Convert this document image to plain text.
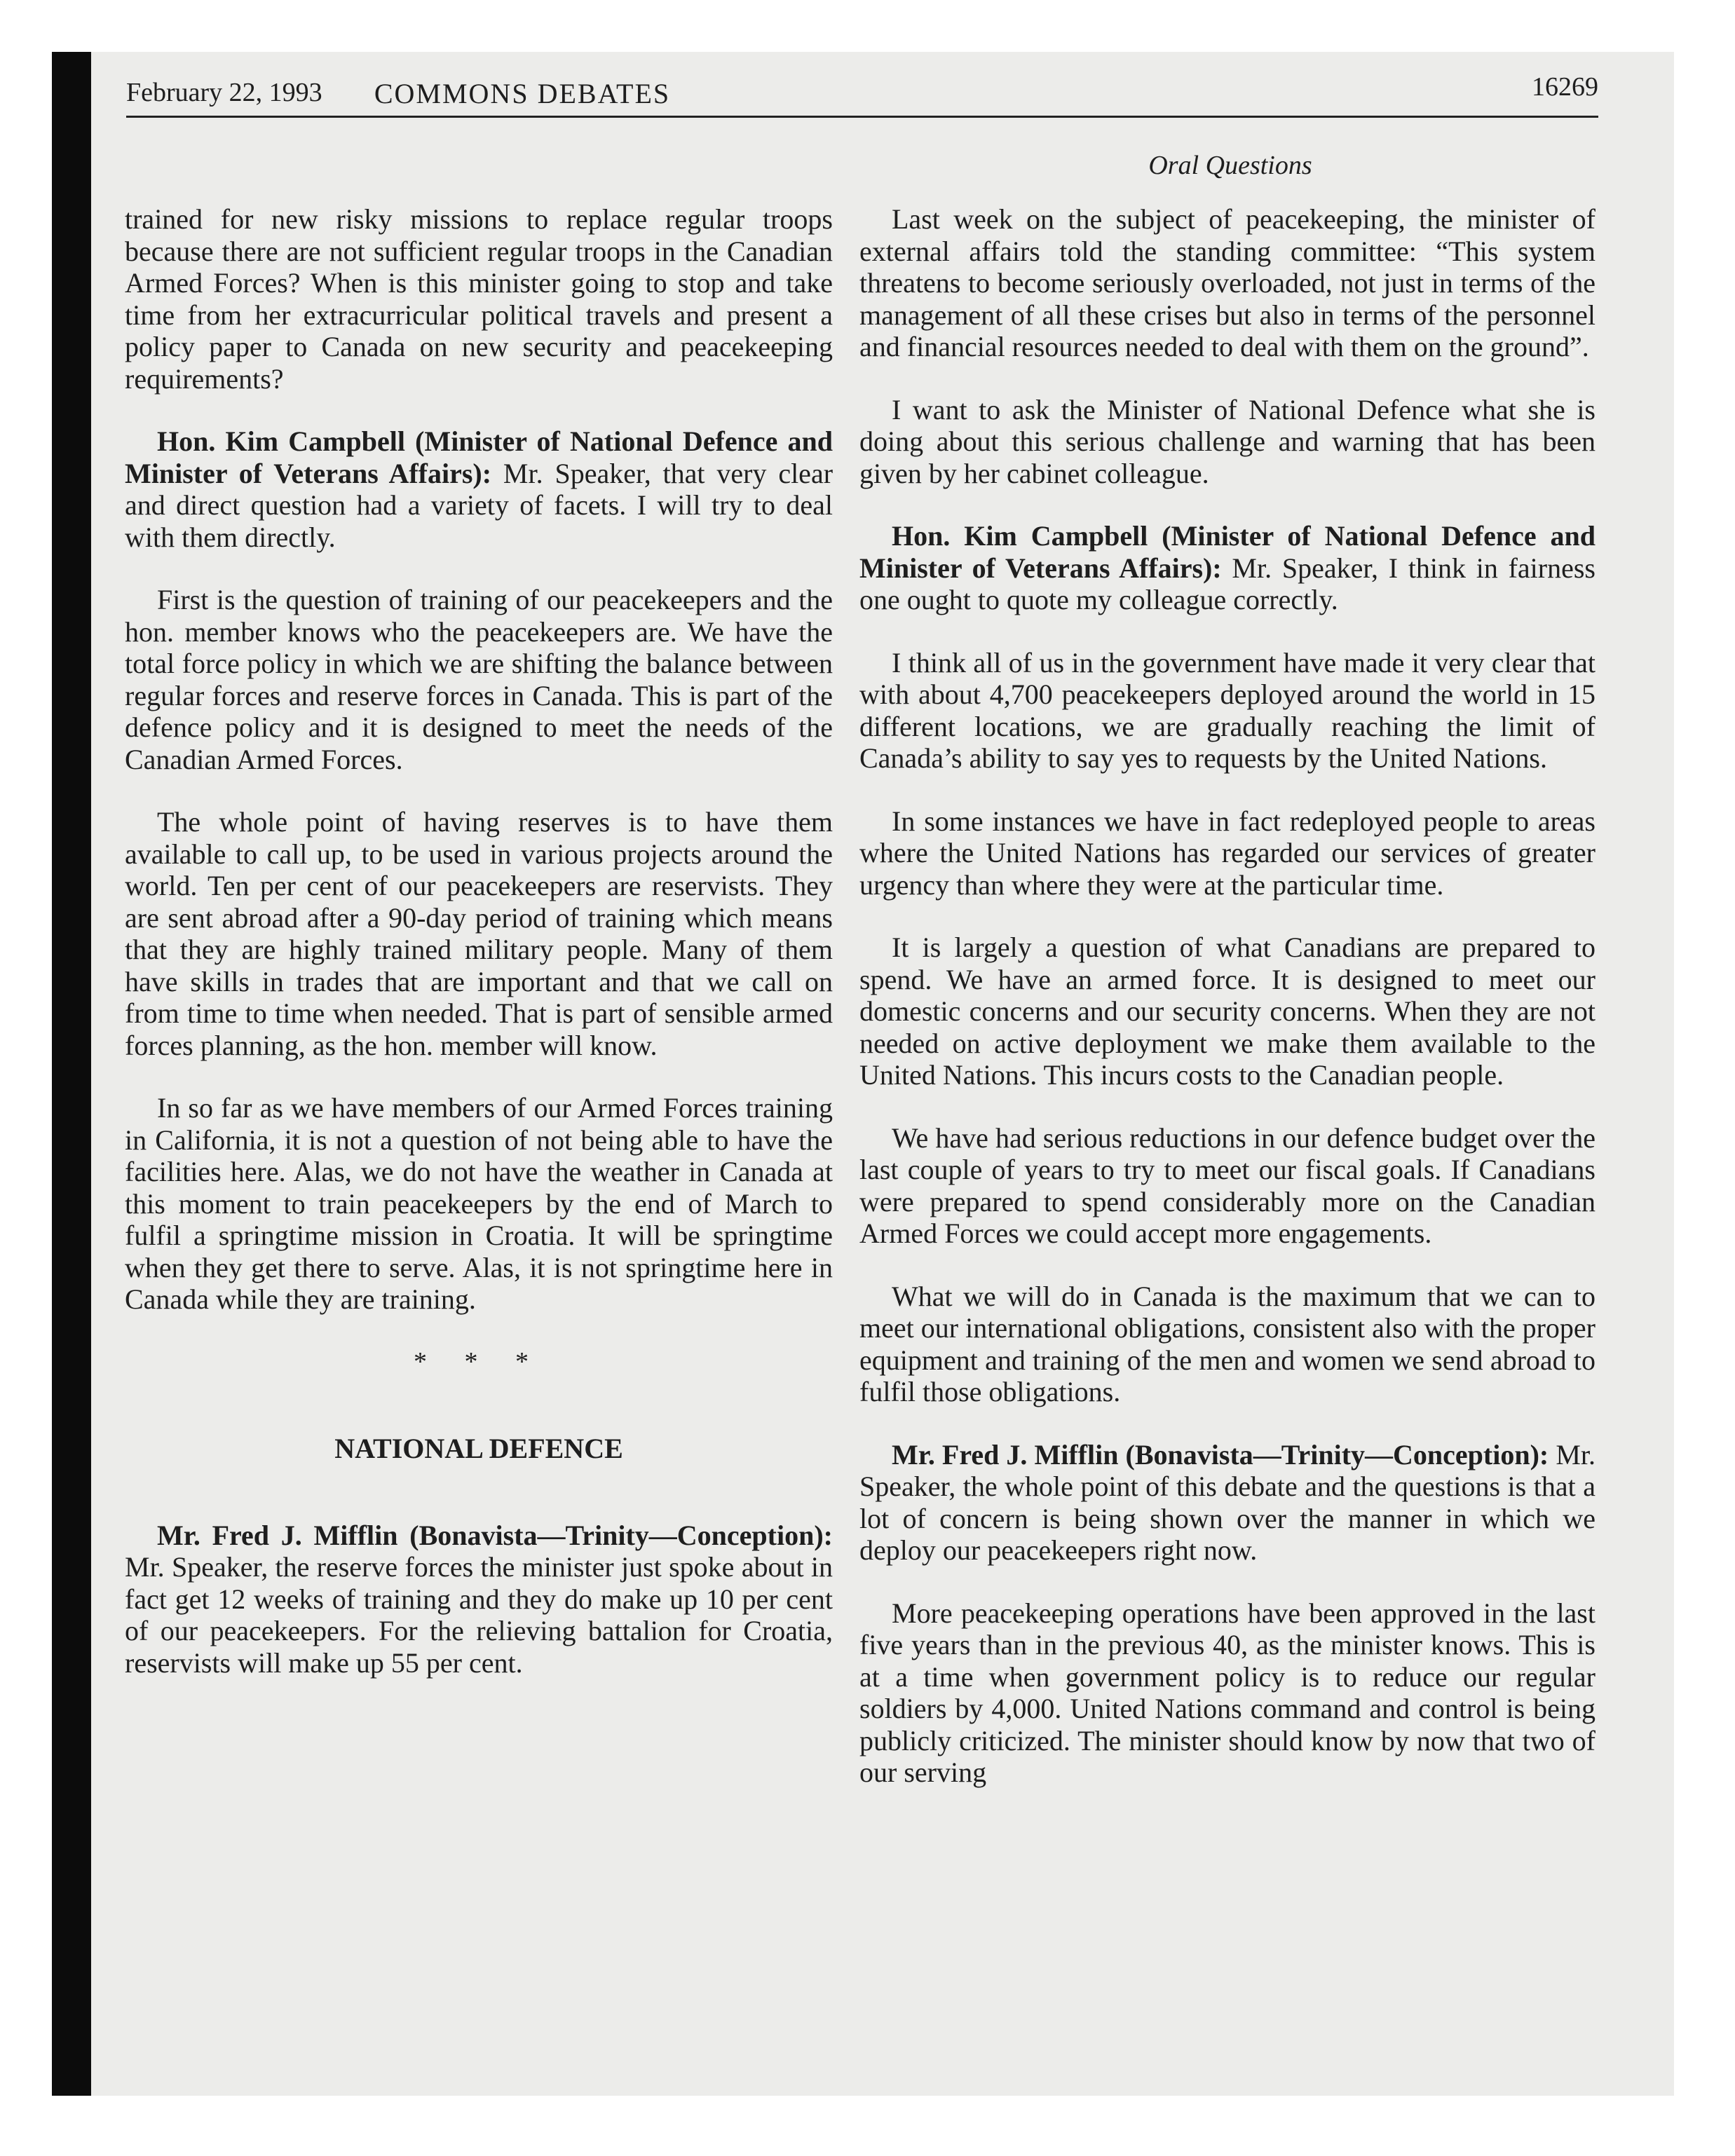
February 22, 1993	COMMONS DEBATES	16269
Oral Questions

trained for new risky missions to replace regular troops because there are not sufficient regular troops in the Canadian Armed Forces? When is this minister going to stop and take time from her extracurricular political travels and present a policy paper to Canada on new security and peacekeeping requirements?

Hon. Kim Campbell (Minister of National Defence and Minister of Veterans Affairs): Mr. Speaker, that very clear and direct question had a variety of facets. I will try to deal with them directly.

First is the question of training of our peacekeepers and the hon. member knows who the peacekeepers are. We have the total force policy in which we are shifting the balance between regular forces and reserve forces in Canada. This is part of the defence policy and it is designed to meet the needs of the Canadian Armed Forces.

The whole point of having reserves is to have them available to call up, to be used in various projects around the world. Ten per cent of our peacekeepers are reservists. They are sent abroad after a 90-day period of training which means that they are highly trained military people. Many of them have skills in trades that are important and that we call on from time to time when needed. That is part of sensible armed forces planning, as the hon. member will know.

In so far as we have members of our Armed Forces training in California, it is not a question of not being able to have the facilities here. Alas, we do not have the weather in Canada at this moment to train peacekeepers by the end of March to fulfil a springtime mission in Croatia. It will be springtime when they get there to serve. Alas, it is not springtime here in Canada while they are training.

* * *
NATIONAL DEFENCE

Mr. Fred J. Mifflin (Bonavista—Trinity—Conception): Mr. Speaker, the reserve forces the minister just spoke about in fact get 12 weeks of training and they do make up 10 per cent of our peacekeepers. For the relieving battalion for Croatia, reservists will make up 55 per cent.

Last week on the subject of peacekeeping, the minister of external affairs told the standing committee: “This system threatens to become seriously overloaded, not just in terms of the management of all these crises but also in terms of the personnel and financial resources needed to deal with them on the ground”.

I want to ask the Minister of National Defence what she is doing about this serious challenge and warning that has been given by her cabinet colleague.

Hon. Kim Campbell (Minister of National Defence and Minister of Veterans Affairs): Mr. Speaker, I think in fairness one ought to quote my colleague correctly.

I think all of us in the government have made it very clear that with about 4,700 peacekeepers deployed around the world in 15 different locations, we are gradually reaching the limit of Canada’s ability to say yes to requests by the United Nations.

In some instances we have in fact redeployed people to areas where the United Nations has regarded our services of greater urgency than where they were at the particular time.

It is largely a question of what Canadians are prepared to spend. We have an armed force. It is designed to meet our domestic concerns and our security concerns. When they are not needed on active deployment we make them available to the United Nations. This incurs costs to the Canadian people.

We have had serious reductions in our defence budget over the last couple of years to try to meet our fiscal goals. If Canadians were prepared to spend considerably more on the Canadian Armed Forces we could accept more engagements.

What we will do in Canada is the maximum that we can to meet our international obligations, consistent also with the proper equipment and training of the men and women we send abroad to fulfil those obligations.

Mr. Fred J. Mifflin (Bonavista—Trinity—Conception): Mr. Speaker, the whole point of this debate and the questions is that a lot of concern is being shown over the manner in which we deploy our peacekeepers right now.

More peacekeeping operations have been approved in the last five years than in the previous 40, as the minister knows. This is at a time when government policy is to reduce our regular soldiers by 4,000. United Nations command and control is being publicly criticized. The minister should know by now that two of our serving
